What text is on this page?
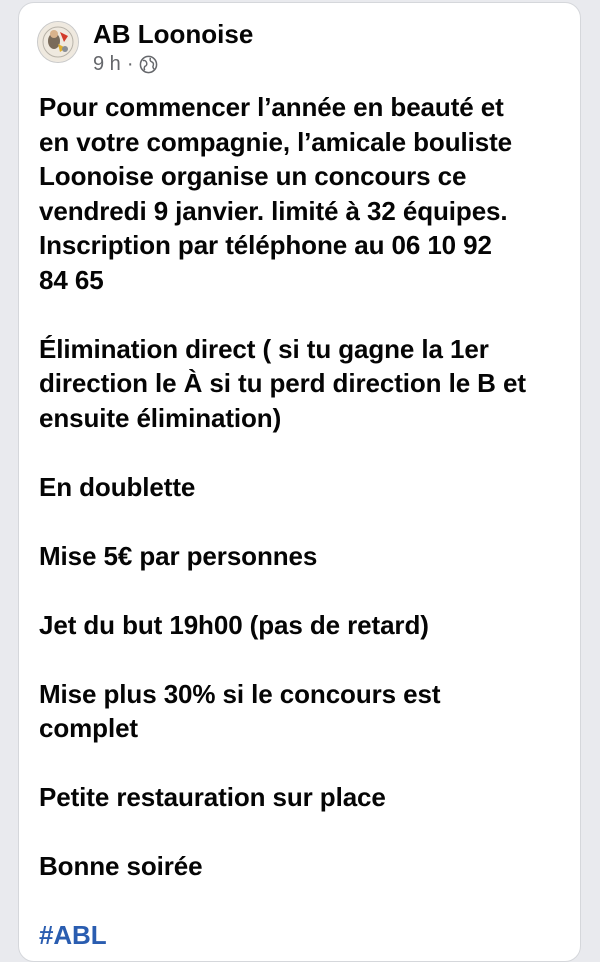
AB Loonoise
9 h ·
Pour commencer l’année en beauté et
en votre compagnie, l’amicale bouliste
Loonoise organise un concours ce
vendredi 9 janvier. limité à 32 équipes.
Inscription par téléphone au 06 10 92
84 65
Élimination direct ( si tu gagne la 1er
direction le À si tu perd direction le B et
ensuite élimination)
En doublette
Mise 5€ par personnes
Jet du but 19h00 (pas de retard)
Mise plus 30% si le concours est
complet
Petite restauration sur place
Bonne soirée
#ABL
